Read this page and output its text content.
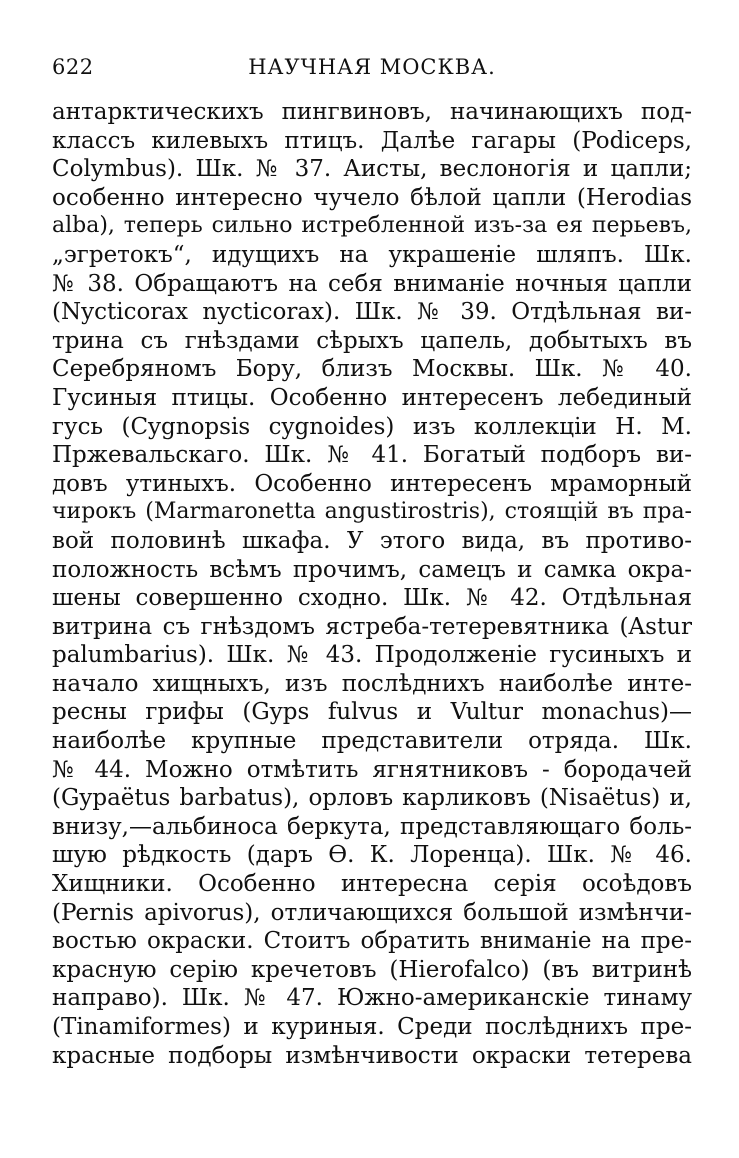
622	НАУЧНАЯ МОСКВА.
антарктическихъ пингвиновъ, начинающихъ под-
классъ килевыхъ птицъ. Далѣе гагары (Podiceps,
Colymbus). Шк. № 37. Аисты, веслоногія и цапли;
особенно интересно чучело бѣлой цапли (Herodias
alba), теперь сильно истребленной изъ-за ея перьевъ,
„эгретокъ“, идущихъ на украшеніе шляпъ. Шк.
№ 38. Обращаютъ на себя вниманіе ночныя цапли
(Nycticorax nycticorax). Шк. № 39. Отдѣльная ви-
трина съ гнѣздами сѣрыхъ цапель, добытыхъ въ
Серебряномъ Бору, близъ Москвы. Шк. № 40.
Гусиныя птицы. Особенно интересенъ лебединый
гусь (Cygnopsis cygnoides) изъ коллекціи Н. М.
Пржевальскаго. Шк. № 41. Богатый подборъ ви-
довъ утиныхъ. Особенно интересенъ мраморный
чирокъ (Marmaronetta angustirostris), стоящій въ пра-
вой половинѣ шкафа. У этого вида, въ противо-
положность всѣмъ прочимъ, самецъ и самка окра-
шены совершенно сходно. Шк. № 42. Отдѣльная
витрина съ гнѣздомъ ястреба-тетеревятника (Astur
palumbarius). Шк. № 43. Продолженіе гусиныхъ и
начало хищныхъ, изъ послѣднихъ наиболѣе инте-
ресны грифы (Gyps fulvus и Vultur monachus)—
наиболѣе крупные представители отряда. Шк.
№ 44. Можно отмѣтить ягнятниковъ - бородачей
(Gypaëtus barbatus), орловъ карликовъ (Nisaëtus) и,
внизу,—альбиноса беркута, представляющаго боль-
шую рѣдкость (даръ Ѳ. К. Лоренца). Шк. № 46.
Хищники. Особенно интересна серія осоѣдовъ
(Pernis apivorus), отличающихся большой измѣнчи-
востью окраски. Стоитъ обратить вниманіе на пре-
красную серію кречетовъ (Hierofalco) (въ витринѣ
направо). Шк. № 47. Южно-американскіе тинаму
(Tinamiformes) и куриныя. Среди послѣднихъ пре-
красные подборы измѣнчивости окраски тетерева
